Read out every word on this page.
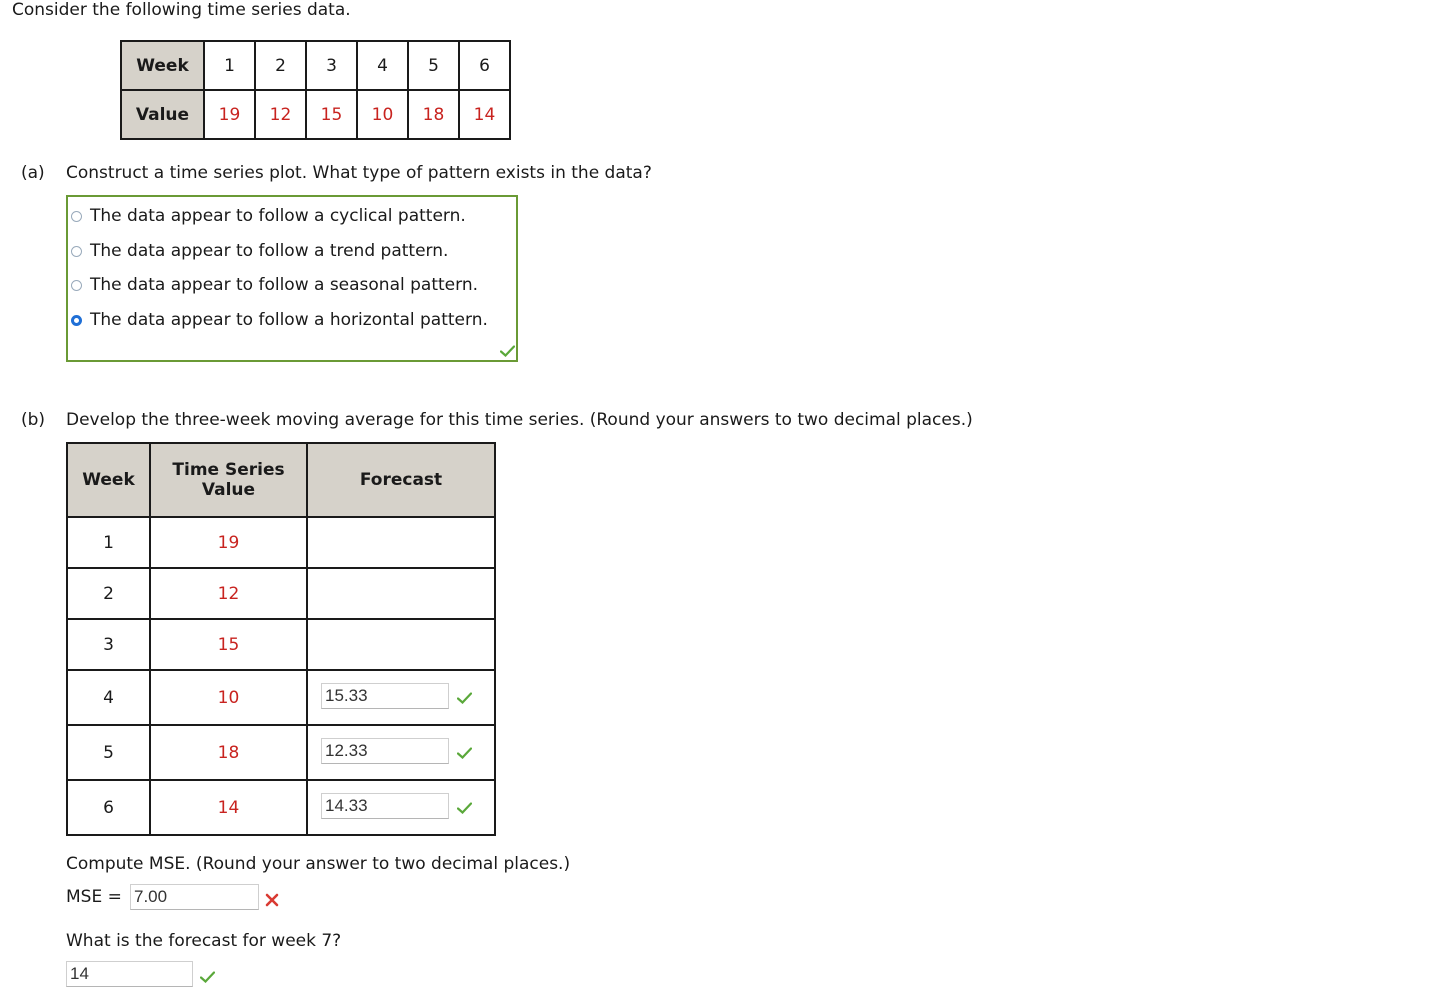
Consider the following time series data.
Week	1	2	3	4	5	6
Value	19	12	15	10	18	14
(a) Construct a time series plot. What type of pattern exists in the data?
The data appear to follow a cyclical pattern.
The data appear to follow a trend pattern.
The data appear to follow a seasonal pattern.
The data appear to follow a horizontal pattern.
(b) Develop the three-week moving average for this time series. (Round your answers to two decimal places.)
Week	Time Series Value	Forecast
1	19	
2	12	
3	15	
4	10	15.33

5	18	12.33

6	14	14.33
Compute MSE. (Round your answer to two decimal places.)
MSE = 7.00
What is the forecast for week 7?
14
